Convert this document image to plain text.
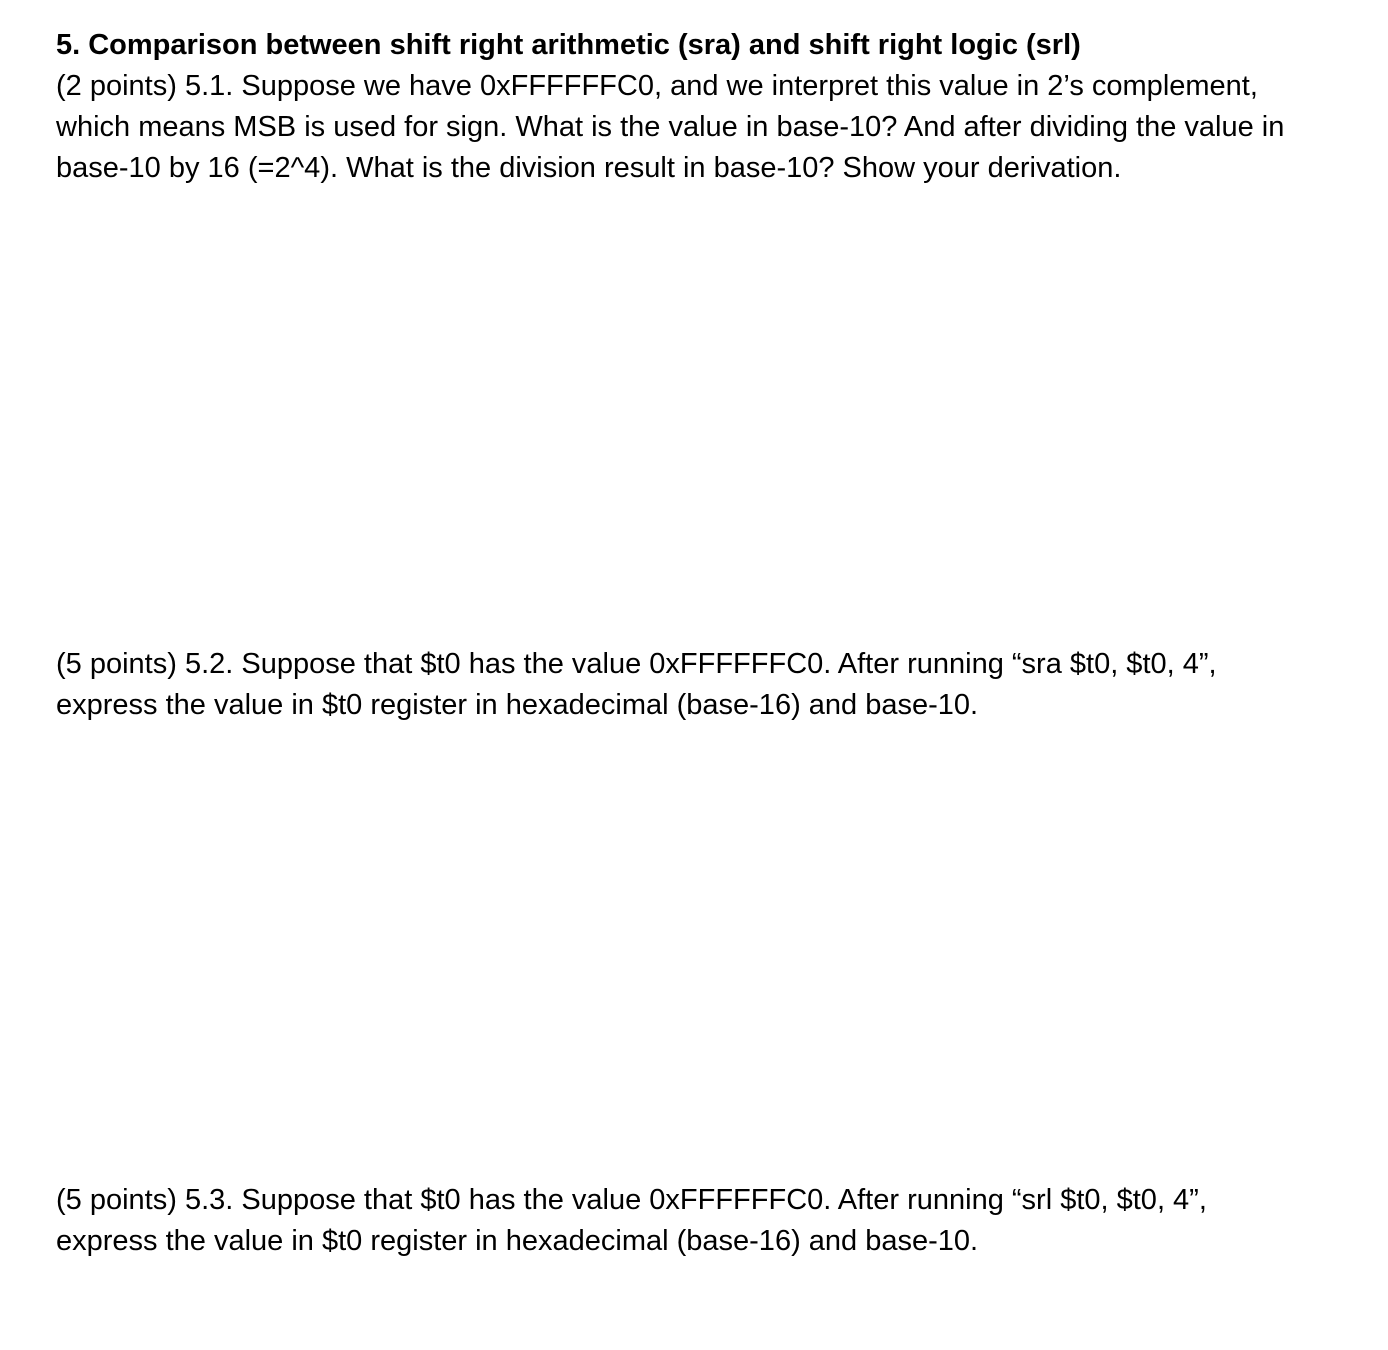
5. Comparison between shift right arithmetic (sra) and shift right logic (srl)
(2 points) 5.1. Suppose we have 0xFFFFFFC0, and we interpret this value in 2’s complement, which means MSB is used for sign. What is the value in base-10? And after dividing the value in base-10 by 16 (=2^4). What is the division result in base-10? Show your derivation.
(5 points) 5.2. Suppose that $t0 has the value 0xFFFFFFC0. After running “sra $t0, $t0, 4”, express the value in $t0 register in hexadecimal (base-16) and base-10.
(5 points) 5.3. Suppose that $t0 has the value 0xFFFFFFC0. After running “srl $t0, $t0, 4”, express the value in $t0 register in hexadecimal (base-16) and base-10.
